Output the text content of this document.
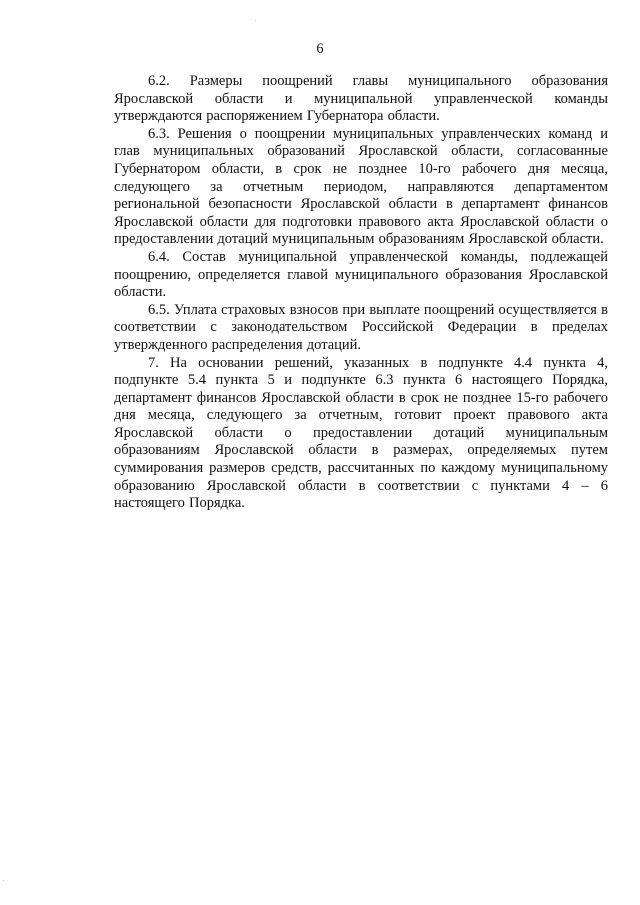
6

6.2. Размеры поощрений главы муниципального образования Ярославской области и муниципальной управленческой команды утверждаются распоряжением Губернатора области.

6.3. Решения о поощрении муниципальных управленческих команд и глав муниципальных образований Ярославской области, согласованные Губернатором области, в срок не позднее 10-го рабочего дня месяца, следующего за отчетным периодом, направляются департаментом региональной безопасности Ярославской области в департамент финансов Ярославской области для подготовки правового акта Ярославской области о предоставлении дотаций муниципальным образованиям Ярославской области.

6.4. Состав муниципальной управленческой команды, подлежащей поощрению, определяется главой муниципального образования Ярославской области.

6.5. Уплата страховых взносов при выплате поощрений осуществляется в соответствии с законодательством Российской Федерации в пределах утвержденного распределения дотаций.

7. На основании решений, указанных в подпункте 4.4 пункта 4, подпункте 5.4 пункта 5 и подпункте 6.3 пункта 6 настоящего Порядка, департамент финансов Ярославской области в срок не позднее 15-го рабочего дня месяца, следующего за отчетным, готовит проект правового акта Ярославской области о предоставлении дотаций муниципальным образованиям Ярославской области в размерах, определяемых путем суммирования размеров средств, рассчитанных по каждому муниципальному образованию Ярославской области в соответствии с пунктами 4 – 6 настоящего Порядка.
